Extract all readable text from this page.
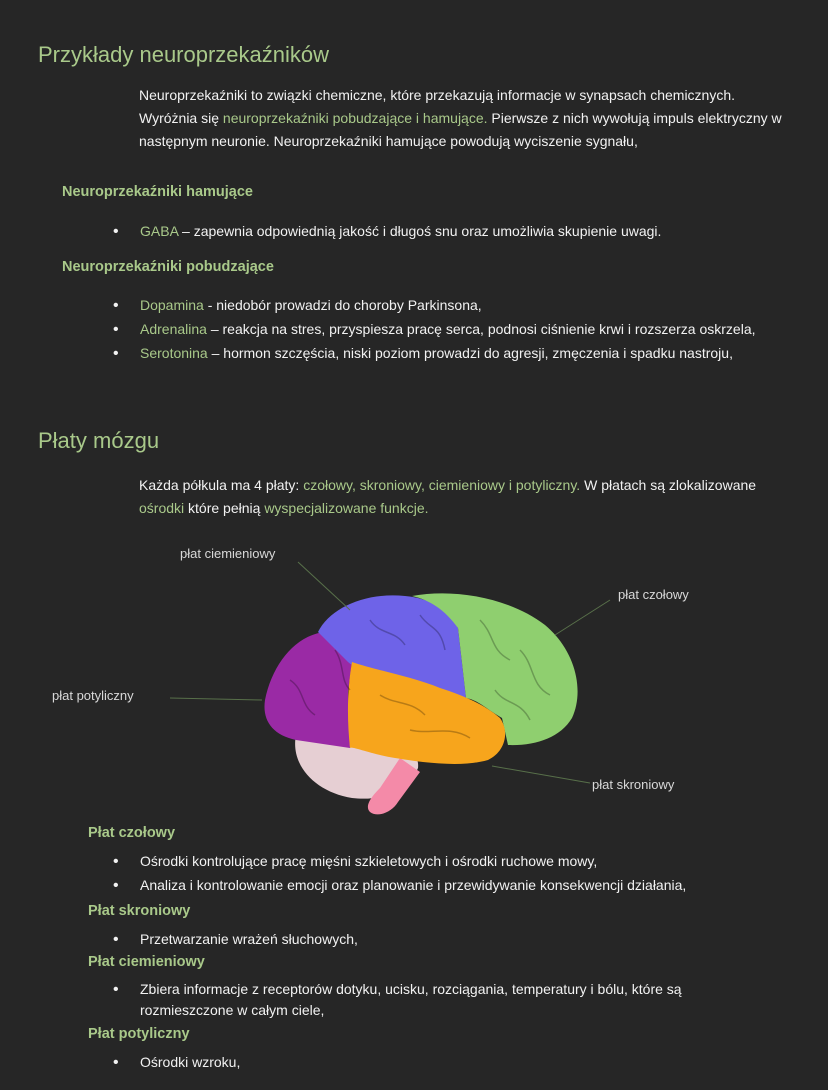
Przykłady neuroprzekaźników

Neuroprzekaźniki to związki chemiczne, które przekazują informacje w synapsach chemicznych. Wyróżnia się neuroprzekaźniki pobudzające i hamujące. Pierwsze z nich wywołują impuls elektryczny w następnym neuronie. Neuroprzekaźniki hamujące powodują wyciszenie sygnału,

Neuroprzekaźniki hamujące
• GABA – zapewnia odpowiednią jakość i długoś snu oraz umożliwia skupienie uwagi.
Neuroprzekaźniki pobudzające
• Dopamina - niedobór prowadzi do choroby Parkinsona,
• Adrenalina – reakcja na stres, przyspiesza pracę serca, podnosi ciśnienie krwi i rozszerza oskrzela,
• Serotonina – hormon szczęścia, niski poziom prowadzi do agresji, zmęczenia i spadku nastroju,
Płaty mózgu

Każda półkula ma 4 płaty: czołowy, skroniowy, ciemieniowy i potyliczny. W płatach są zlokalizowane ośrodki które pełnią wyspecjalizowane funkcje.

płat ciemieniowy
płat czołowy
płat potyliczny
płat skroniowy
Płat czołowy
• Ośrodki kontrolujące pracę mięśni szkieletowych i ośrodki ruchowe mowy,
• Analiza i kontrolowanie emocji oraz planowanie i przewidywanie konsekwencji działania,
Płat skroniowy
• Przetwarzanie wrażeń słuchowych,
Płat ciemieniowy
• Zbiera informacje z receptorów dotyku, ucisku, rozciągania, temperatury i bólu, które są rozmieszczone w całym ciele,
Płat potyliczny
• Ośrodki wzroku,
